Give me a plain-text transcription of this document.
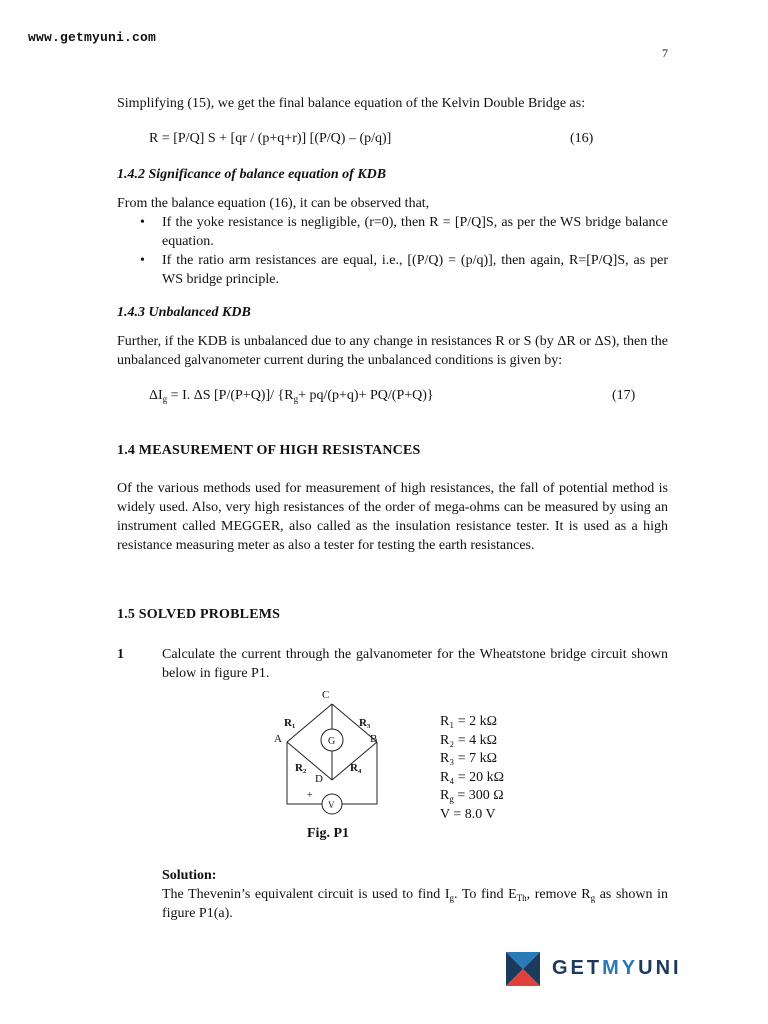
www.getmyuni.com
7
Simplifying (15), we get the final balance equation of the Kelvin Double Bridge as:
R = [P/Q] S + [qr / (p+q+r)] [(P/Q) – (p/q)]	(16)
1.4.2 Significance of balance equation of KDB
From the balance equation (16), it can be observed that,
• If the yoke resistance is negligible, (r=0), then R = [P/Q]S, as per the WS bridge balance equation.
• If the ratio arm resistances are equal, i.e., [(P/Q) = (p/q)], then again, R=[P/Q]S, as per WS bridge principle.
1.4.3 Unbalanced KDB
Further, if the KDB is unbalanced due to any change in resistances R or S (by ΔR or ΔS), then the unbalanced galvanometer current during the unbalanced conditions is given by:
$\Delta I_g = I$. ΔS [P/(P+Q)]/ $\{R_g+ pq/(p+q)+ PQ/(P+Q)\}$	(17)
1.4 MEASUREMENT OF HIGH RESISTANCES
Of the various methods used for measurement of high resistances, the fall of potential method is widely used. Also, very high resistances of the order of mega-ohms can be measured by using an instrument called MEGGER, also called as the insulation resistance tester. It is used as a high resistance measuring meter as also a tester for testing the earth resistances.
1.5 SOLVED PROBLEMS
1	Calculate the current through the galvanometer for the Wheatstone bridge circuit shown below in figure P1.
C
A	B
D
R₁	R₃
R₂	R₄
G
V
+
R₁ = 2 kΩ
R₂ = 4 kΩ
R₃ = 7 kΩ
R₄ = 20 kΩ
$R_g = 300$ Ω
V = 8.0 V
Fig. P1
Solution:
The Thevenin’s equivalent circuit is used to find $I_g$. To find $E_{Th}$, remove $R_g$ as shown in figure P1(a).
GETMYUNI
